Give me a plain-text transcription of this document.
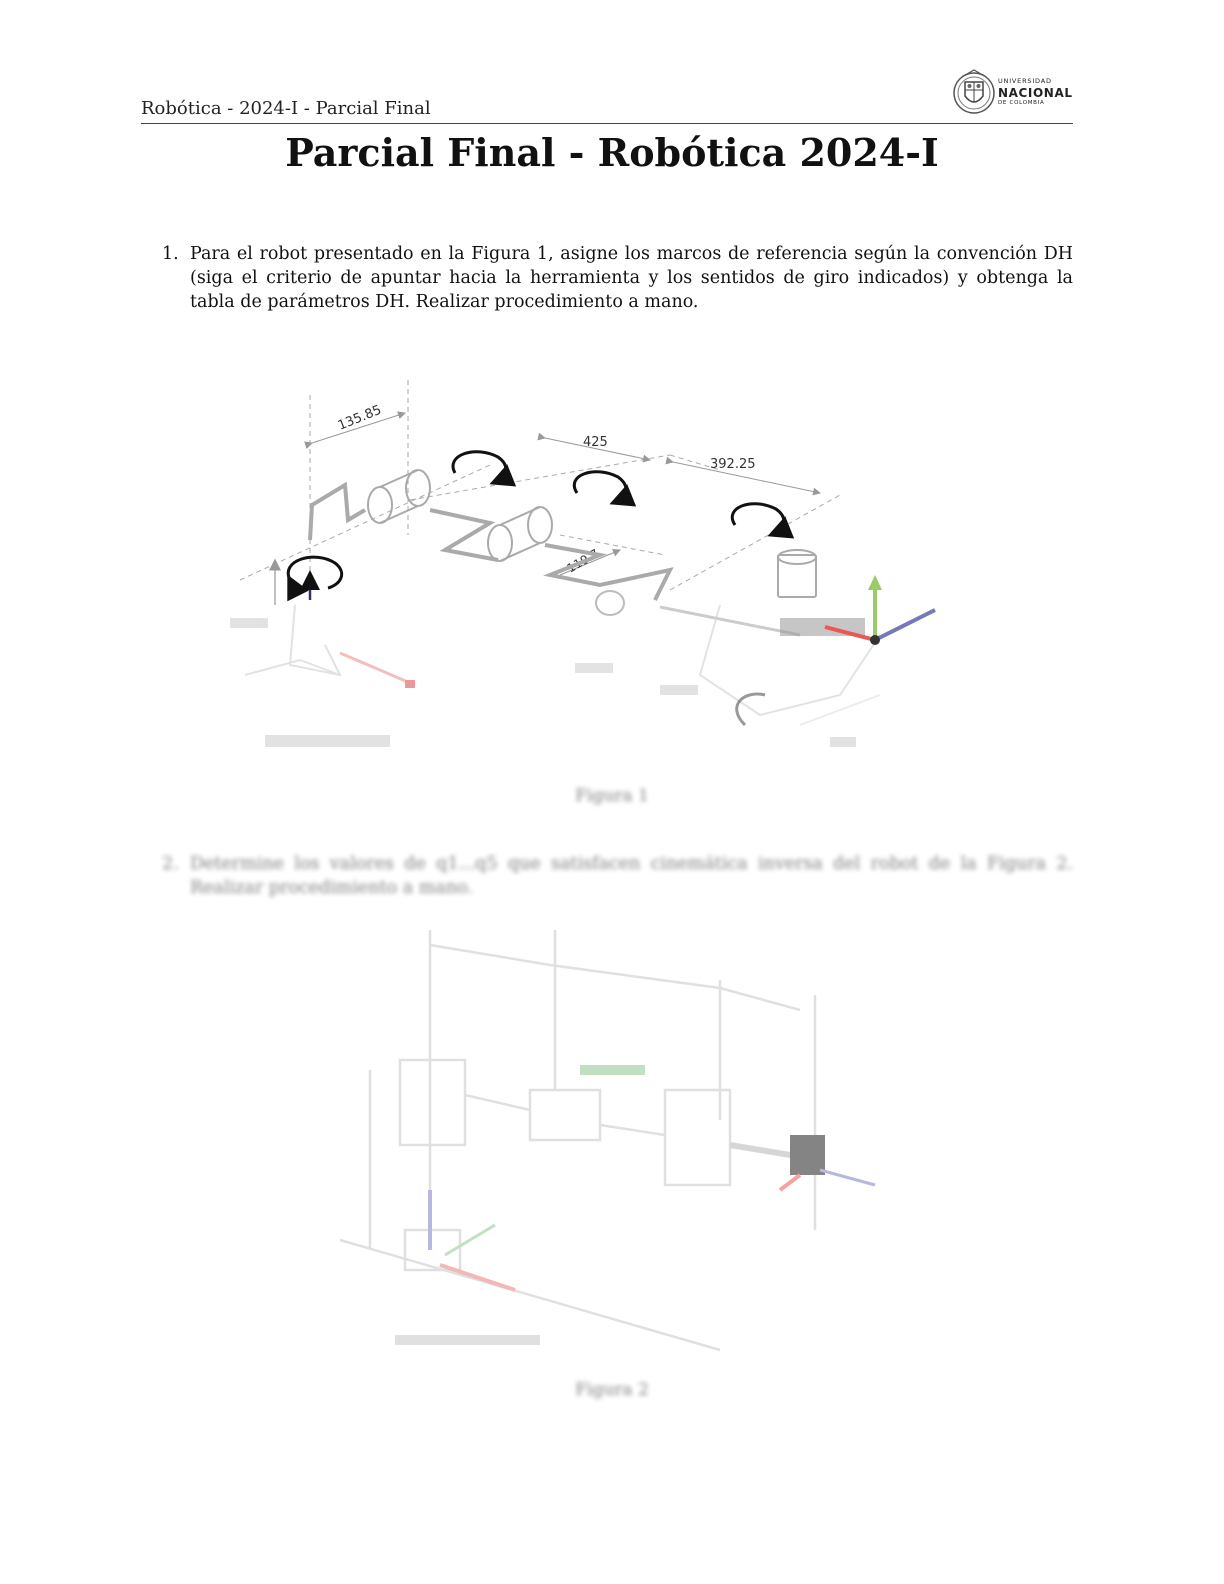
Robótica - 2024-I - Parcial Final
UNIVERSIDAD
NACIONAL
DE COLOMBIA
Parcial Final - Robótica 2024-I
1. Para el robot presentado en la Figura 1, asigne los marcos de referencia según la convención DH (siga el criterio de apuntar hacia la herramienta y los sentidos de giro indicados) y obtenga la tabla de parámetros DH. Realizar procedimiento a mano.
135.85
425
392.25
119.7
Figura 1
2. Determine los valores de q1...q5 que satisfacen cinemática inversa del robot de la Figura 2. Realizar procedimiento a mano.
Figura 2
